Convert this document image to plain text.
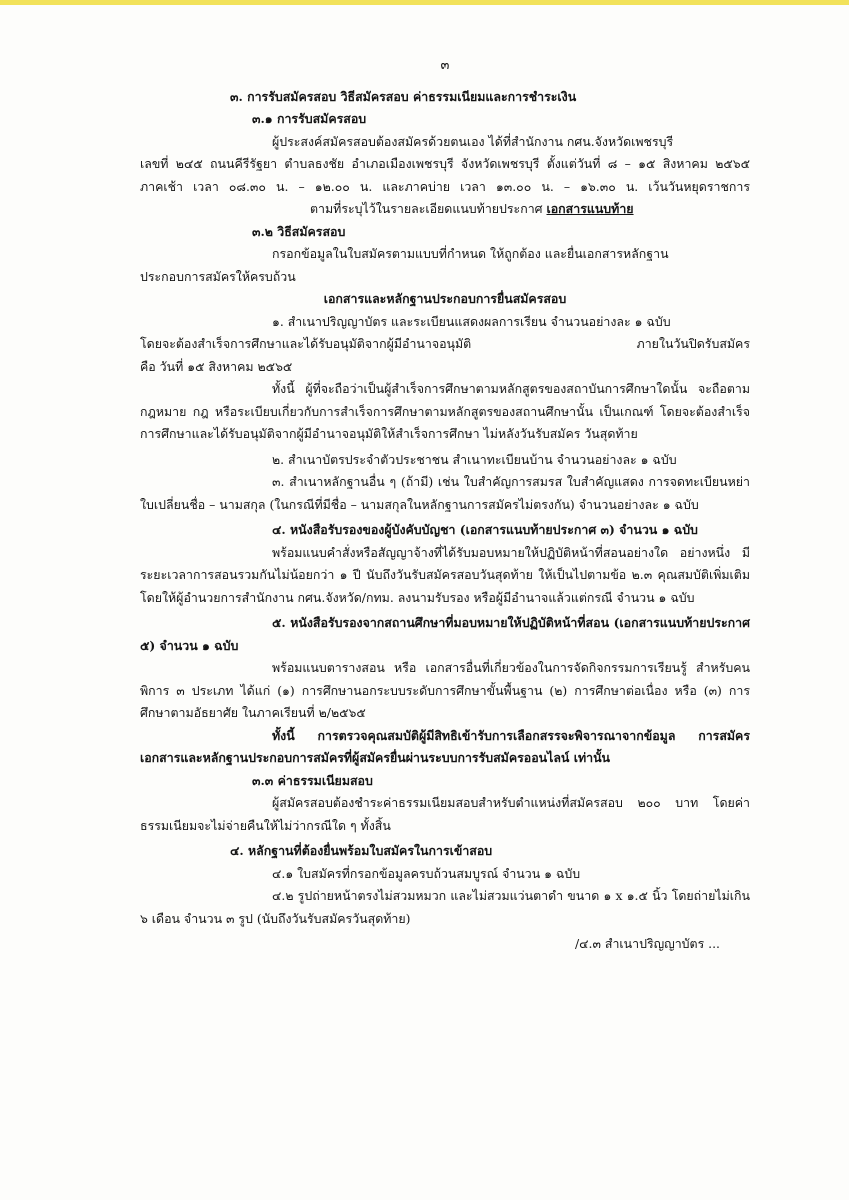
๓
๓. การรับสมัครสอบ วิธีสมัครสอบ ค่าธรรมเนียมและการชำระเงิน
๓.๑ การรับสมัครสอบ
ผู้ประสงค์สมัครสอบต้องสมัครด้วยตนเอง ได้ที่สำนักงาน กศน.จังหวัดเพชรบุรี
เลขที่ ๒๔๕ ถนนคีรีรัฐยา ตำบลธงชัย อำเภอเมืองเพชรบุรี จังหวัดเพชรบุรี ตั้งแต่วันที่ ๘ – ๑๕ สิงหาคม ๒๕๖๕
ภาคเช้า เวลา ๐๘.๓๐ น. – ๑๒.๐๐ น. และภาคบ่าย เวลา ๑๓.๐๐ น. – ๑๖.๓๐ น. เว้นวันหยุดราชการ
ตามที่ระบุไว้ในรายละเอียดแนบท้ายประกาศ เอกสารแนบท้าย
๓.๒ วิธีสมัครสอบ
กรอกข้อมูลในใบสมัครตามแบบที่กำหนด ให้ถูกต้อง และยื่นเอกสารหลักฐาน
ประกอบการสมัครให้ครบถ้วน
เอกสารและหลักฐานประกอบการยื่นสมัครสอบ
๑. สำเนาปริญญาบัตร และระเบียนแสดงผลการเรียน จำนวนอย่างละ ๑ ฉบับ
โดยจะต้องสำเร็จการศึกษาและได้รับอนุมัติจากผู้มีอำนาจอนุมัติ ภายในวันปิดรับสมัคร
คือ วันที่ ๑๕ สิงหาคม ๒๕๖๕
ทั้งนี้ ผู้ที่จะถือว่าเป็นผู้สำเร็จการศึกษาตามหลักสูตรของสถาบันการศึกษาใดนั้น จะถือตามกฎหมาย กฎ หรือระเบียบเกี่ยวกับการสำเร็จการศึกษาตามหลักสูตรของสถานศึกษานั้น เป็นเกณฑ์ โดยจะต้องสำเร็จการศึกษาและได้รับอนุมัติจากผู้มีอำนาจอนุมัติให้สำเร็จการศึกษา ไม่หลังวันรับสมัคร วันสุดท้าย
๒. สำเนาบัตรประจำตัวประชาชน สำเนาทะเบียนบ้าน จำนวนอย่างละ ๑ ฉบับ
๓. สำเนาหลักฐานอื่น ๆ (ถ้ามี) เช่น ใบสำคัญการสมรส ใบสำคัญแสดง การจดทะเบียนหย่า ใบเปลี่ยนชื่อ – นามสกุล (ในกรณีที่มีชื่อ – นามสกุลในหลักฐานการสมัครไม่ตรงกัน) จำนวนอย่างละ ๑ ฉบับ
๔. หนังสือรับรองของผู้บังคับบัญชา (เอกสารแนบท้ายประกาศ ๓) จำนวน ๑ ฉบับ
พร้อมแนบคำสั่งหรือสัญญาจ้างที่ได้รับมอบหมายให้ปฏิบัติหน้าที่สอนอย่างใด อย่างหนึ่ง มีระยะเวลาการสอนรวมกันไม่น้อยกว่า ๑ ปี นับถึงวันรับสมัครสอบวันสุดท้าย ให้เป็นไปตามข้อ ๒.๓ คุณสมบัติเพิ่มเติม โดยให้ผู้อำนวยการสำนักงาน กศน.จังหวัด/กทม. ลงนามรับรอง หรือผู้มีอำนาจแล้วแต่กรณี จำนวน ๑ ฉบับ
๕. หนังสือรับรองจากสถานศึกษาที่มอบหมายให้ปฏิบัติหน้าที่สอน (เอกสารแนบท้ายประกาศ ๕) จำนวน ๑ ฉบับ
พร้อมแนบตารางสอน หรือ เอกสารอื่นที่เกี่ยวข้องในการจัดกิจกรรมการเรียนรู้ สำหรับคนพิการ ๓ ประเภท ได้แก่ (๑) การศึกษานอกระบบระดับการศึกษาขั้นพื้นฐาน (๒) การศึกษาต่อเนื่อง หรือ (๓) การศึกษาตามอัธยาศัย ในภาคเรียนที่ ๒/๒๕๖๕
ทั้งนี้ การตรวจคุณสมบัติผู้มีสิทธิเข้ารับการเลือกสรรจะพิจารณาจากข้อมูล การสมัคร เอกสารและหลักฐานประกอบการสมัครที่ผู้สมัครยื่นผ่านระบบการรับสมัครออนไลน์ เท่านั้น
๓.๓ ค่าธรรมเนียมสอบ
ผู้สมัครสอบต้องชำระค่าธรรมเนียมสอบสำหรับตำแหน่งที่สมัครสอบ ๒๐๐ บาท โดยค่าธรรมเนียมจะไม่จ่ายคืนให้ไม่ว่ากรณีใด ๆ ทั้งสิ้น
๔. หลักฐานที่ต้องยื่นพร้อมใบสมัครในการเข้าสอบ
๔.๑ ใบสมัครที่กรอกข้อมูลครบถ้วนสมบูรณ์ จำนวน ๑ ฉบับ
๔.๒ รูปถ่ายหน้าตรงไม่สวมหมวก และไม่สวมแว่นตาดำ ขนาด ๑ x ๑.๕ นิ้ว โดยถ่ายไม่เกิน ๖ เดือน จำนวน ๓ รูป (นับถึงวันรับสมัครวันสุดท้าย)
/๔.๓ สำเนาปริญญาบัตร ...
